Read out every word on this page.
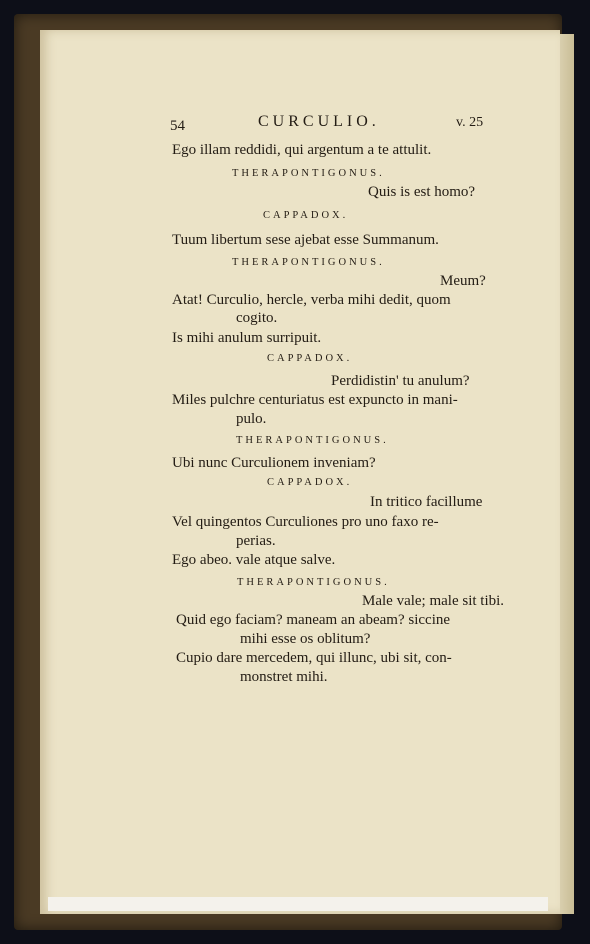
54	CURCULIO.	v. 25
Ego illam reddidi, qui argentum a te attulit.
THERAPONTIGONUS.
Quis is est homo?
CAPPADOX.
Tuum libertum sese ajebat esse Summanum.
THERAPONTIGONUS.
Meum?
Atat! Curculio, hercle, verba mihi dedit, quom
cogito.
Is mihi anulum surripuit.
CAPPADOX.
Perdidistin' tu anulum?
Miles pulchre centuriatus est expuncto in mani-
pulo.
THERAPONTIGONUS.
Ubi nunc Curculionem inveniam?
CAPPADOX.
In tritico facillume
Vel quingentos Curculiones pro uno faxo re-
perias.
Ego abeo. vale atque salve.
THERAPONTIGONUS.
Male vale; male sit tibi.
Quid ego faciam? maneam an abeam? siccine
mihi esse os oblitum?
Cupio dare mercedem, qui illunc, ubi sit, con-
monstret mihi.
